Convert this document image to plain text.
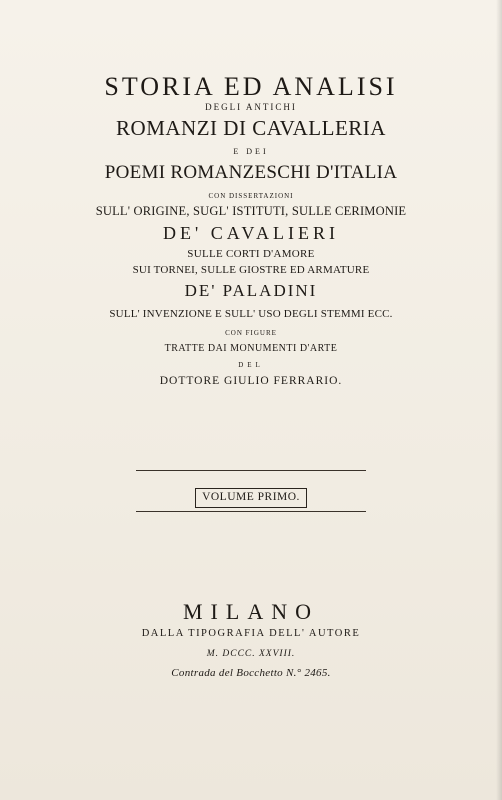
STORIA ED ANALISI
DEGLI ANTICHI
ROMANZI DI CAVALLERIA
E DEI
POEMI ROMANZESCHI D'ITALIA
CON DISSERTAZIONI
SULL' ORIGINE, SUGL' ISTITUTI, SULLE CERIMONIE
DE' CAVALIERI
SULLE CORTI D'AMORE
SUI TORNEI, SULLE GIOSTRE ED ARMATURE
DE' PALADINI
SULL' INVENZIONE E SULL' USO DEGLI STEMMI ECC.
CON FIGURE
TRATTE DAI MONUMENTI D'ARTE
DEL
DOTTORE GIULIO FERRARIO.
VOLUME PRIMO.
MILANO
DALLA TIPOGRAFIA DELL' AUTORE
M. DCCC. XXVIII.
Contrada del Bocchetto N.° 2465.
